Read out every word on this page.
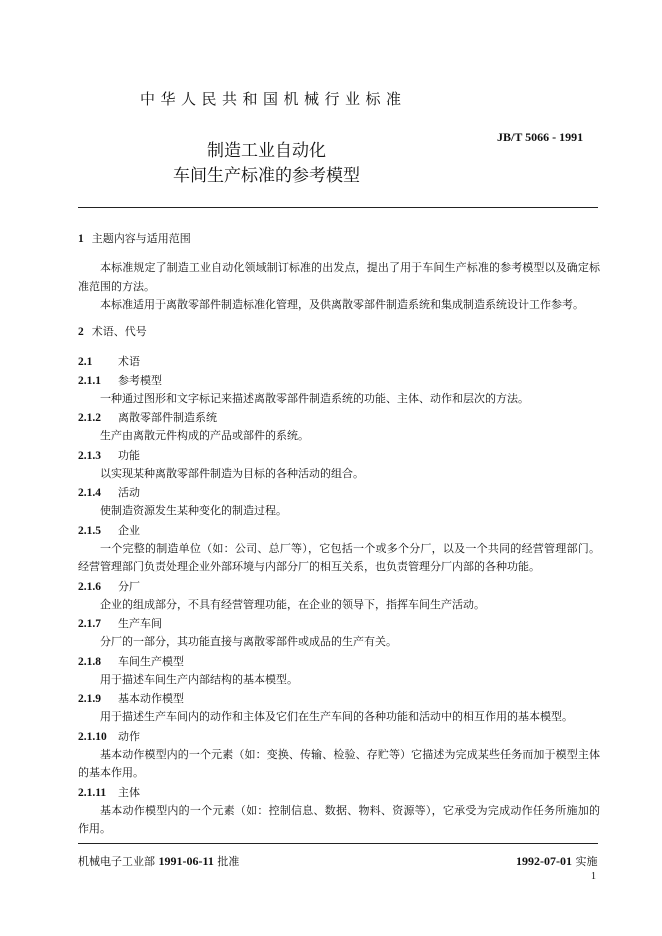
中华人民共和国机械行业标准
JB/T 5066 - 1991
制造工业自动化
车间生产标准的参考模型
1 主题内容与适用范围

本标准规定了制造工业自动化领域制订标准的出发点，提出了用于车间生产标准的参考模型以及确定标准范围的方法。

本标准适用于离散零部件制造标准化管理，及供离散零部件制造系统和集成制造系统设计工作参考。

2 术语、代号
2.1 术语
2.1.1 参考模型

一种通过图形和文字标记来描述离散零部件制造系统的功能、主体、动作和层次的方法。

2.1.2 离散零部件制造系统

生产由离散元件构成的产品或部件的系统。

2.1.3 功能

以实现某种离散零部件制造为目标的各种活动的组合。

2.1.4 活动

使制造资源发生某种变化的制造过程。

2.1.5 企业

一个完整的制造单位（如：公司、总厂等），它包括一个或多个分厂，以及一个共同的经营管理部门。经营管理部门负责处理企业外部环境与内部分厂的相互关系，也负责管理分厂内部的各种功能。

2.1.6 分厂

企业的组成部分，不具有经营管理功能，在企业的领导下，指挥车间生产活动。

2.1.7 生产车间

分厂的一部分，其功能直接与离散零部件或成品的生产有关。

2.1.8 车间生产模型

用于描述车间生产内部结构的基本模型。

2.1.9 基本动作模型

用于描述生产车间内的动作和主体及它们在生产车间的各种功能和活动中的相互作用的基本模型。

2.1.10 动作

基本动作模型内的一个元素（如：变换、传输、检验、存贮等）它描述为完成某些任务而加于模型主体的基本作用。

2.1.11 主体

基本动作模型内的一个元素（如：控制信息、数据、物料、资源等），它承受为完成动作任务所施加的作用。

机械电子工业部 1991-06-11 批准	1992-07-01 实施
1
